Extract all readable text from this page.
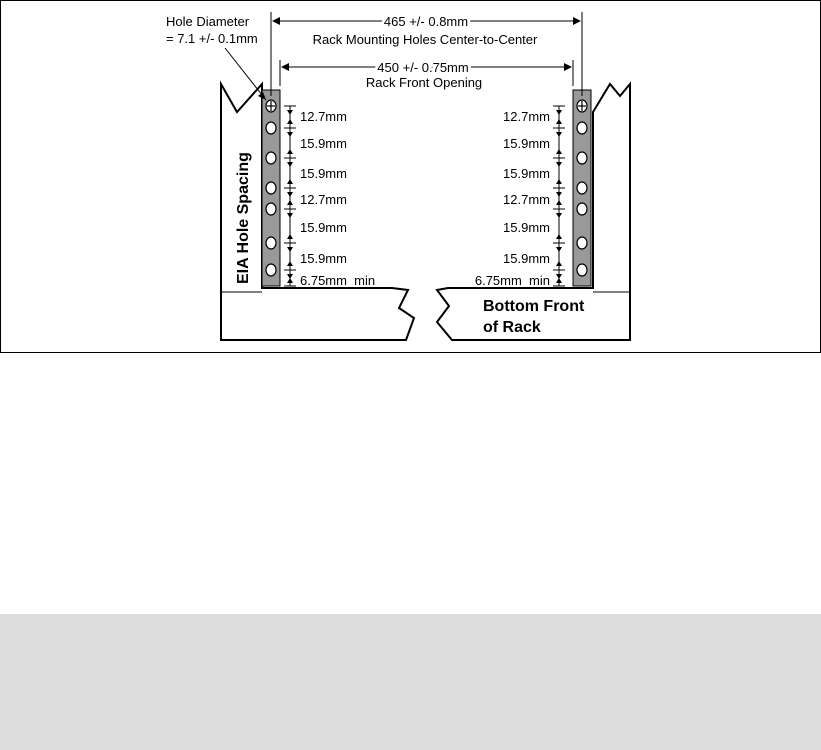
Hole Diameter
= 7.1 +/- 0.1mm
465 +/- 0.8mm
Rack Mounting Holes Center-to-Center
450 +/- 0.75mm
Rack Front Opening
EIA Hole Spacing
12.7mm
15.9mm
15.9mm
12.7mm
15.9mm
15.9mm
6.75mm  min
12.7mm
15.9mm
15.9mm
12.7mm
15.9mm
15.9mm
6.75mm  min
Bottom Front
of Rack
